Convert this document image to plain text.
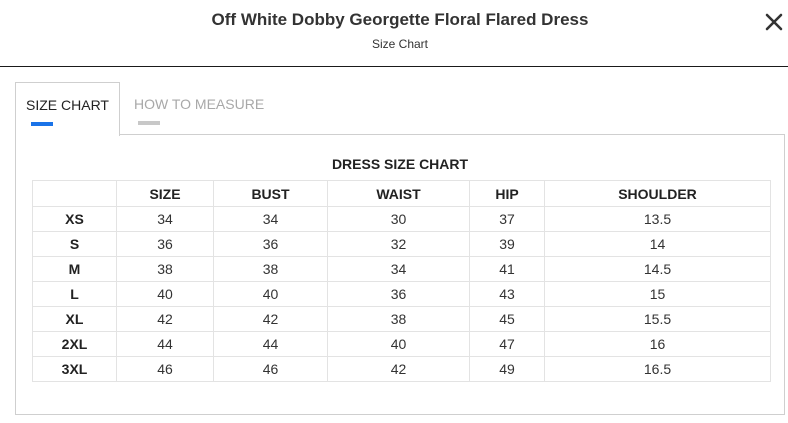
Off White Dobby Georgette Floral Flared Dress
Size Chart
SIZE CHART	HOW TO MEASURE
DRESS SIZE CHART
	SIZE	BUST	WAIST	HIP	SHOULDER
XS	34	34	30	37	13.5
S	36	36	32	39	14
M	38	38	34	41	14.5
L	40	40	36	43	15
XL	42	42	38	45	15.5
2XL	44	44	40	47	16
3XL	46	46	42	49	16.5
